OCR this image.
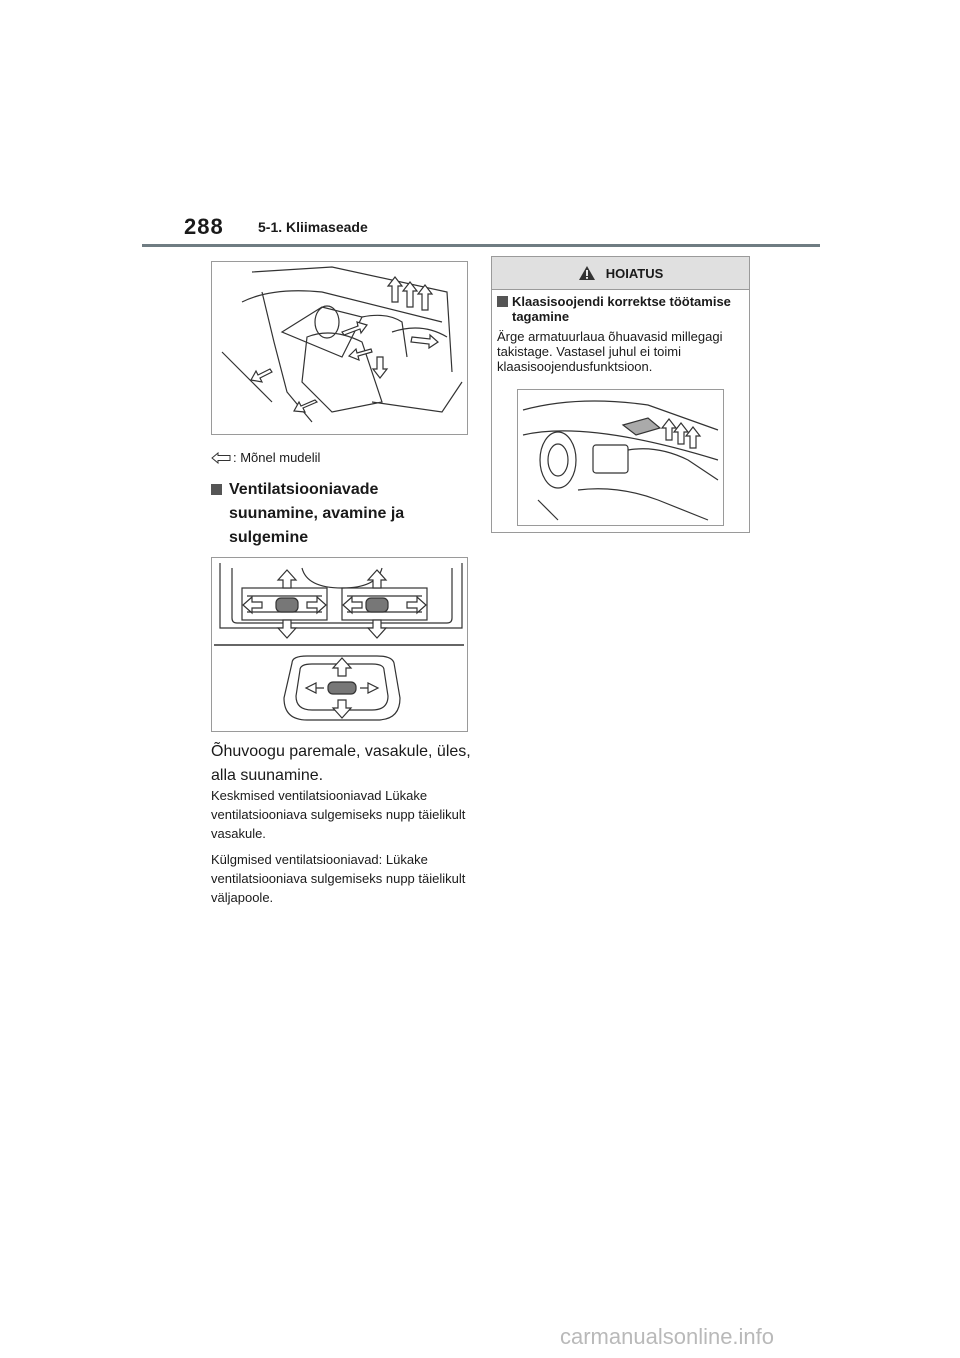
288 5-1. Kliimaseade
: Mõnel mudelil
Ventilatsiooniavade suunamine, avamine ja sulgemine
Õhuvoogu paremale, vasakule, üles, alla suunamine.
Keskmised ventilatsiooniavad Lükake ventilatsiooniava sulgemiseks nupp täielikult vasakule.
Külgmised ventilatsiooniavad: Lükake ventilatsiooniava sulgemiseks nupp täielikult väljapoole.
HOIATUS
Klaasisoojendi korrektse töötamise tagamine
Ärge armatuurlaua õhuavasid millegagi takistage. Vastasel juhul ei toimi klaasisoojendusfunktsioon.
carmanualsonline.info
